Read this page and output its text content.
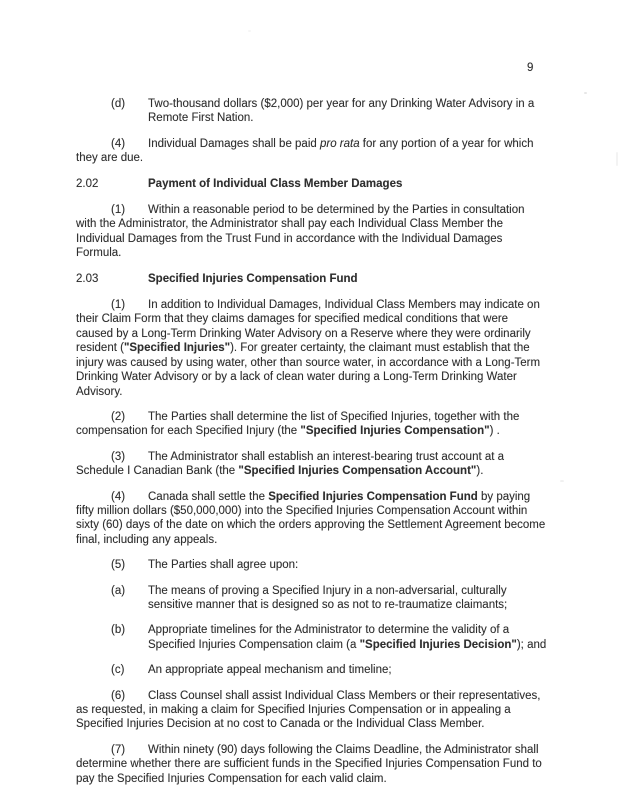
9
(d)	Two-thousand dollars ($2,000) per year for any Drinking Water Advisory in a Remote First Nation.

(4) Individual Damages shall be paid pro rata for any portion of a year for which they are due.

2.02	Payment of Individual Class Member Damages

(1) Within a reasonable period to be determined by the Parties in consultation with the Administrator, the Administrator shall pay each Individual Class Member the Individual Damages from the Trust Fund in accordance with the Individual Damages Formula.

2.03	Specified Injuries Compensation Fund

(1) In addition to Individual Damages, Individual Class Members may indicate on their Claim Form that they claims damages for specified medical conditions that were caused by a Long-Term Drinking Water Advisory on a Reserve where they were ordinarily resident ("Specified Injuries"). For greater certainty, the claimant must establish that the injury was caused by using water, other than source water, in accordance with a Long-Term Drinking Water Advisory or by a lack of clean water during a Long-Term Drinking Water Advisory.

(2) The Parties shall determine the list of Specified Injuries, together with the compensation for each Specified Injury (the "Specified Injuries Compensation") .

(3) The Administrator shall establish an interest-bearing trust account at a Schedule I Canadian Bank (the "Specified Injuries Compensation Account").

(4) Canada shall settle the Specified Injuries Compensation Fund by paying fifty million dollars ($50,000,000) into the Specified Injuries Compensation Account within sixty (60) days of the date on which the orders approving the Settlement Agreement become final, including any appeals.

(5) The Parties shall agree upon:

(a)	The means of proving a Specified Injury in a non-adversarial, culturally sensitive manner that is designed so as not to re-traumatize claimants;
(b)	Appropriate timelines for the Administrator to determine the validity of a Specified Injuries Compensation claim (a "Specified Injuries Decision"); and
(c)	An appropriate appeal mechanism and timeline;

(6) Class Counsel shall assist Individual Class Members or their representatives, as requested, in making a claim for Specified Injuries Compensation or in appealing a Specified Injuries Decision at no cost to Canada or the Individual Class Member.

(7) Within ninety (90) days following the Claims Deadline, the Administrator shall determine whether there are sufficient funds in the Specified Injuries Compensation Fund to pay the Specified Injuries Compensation for each valid claim.
